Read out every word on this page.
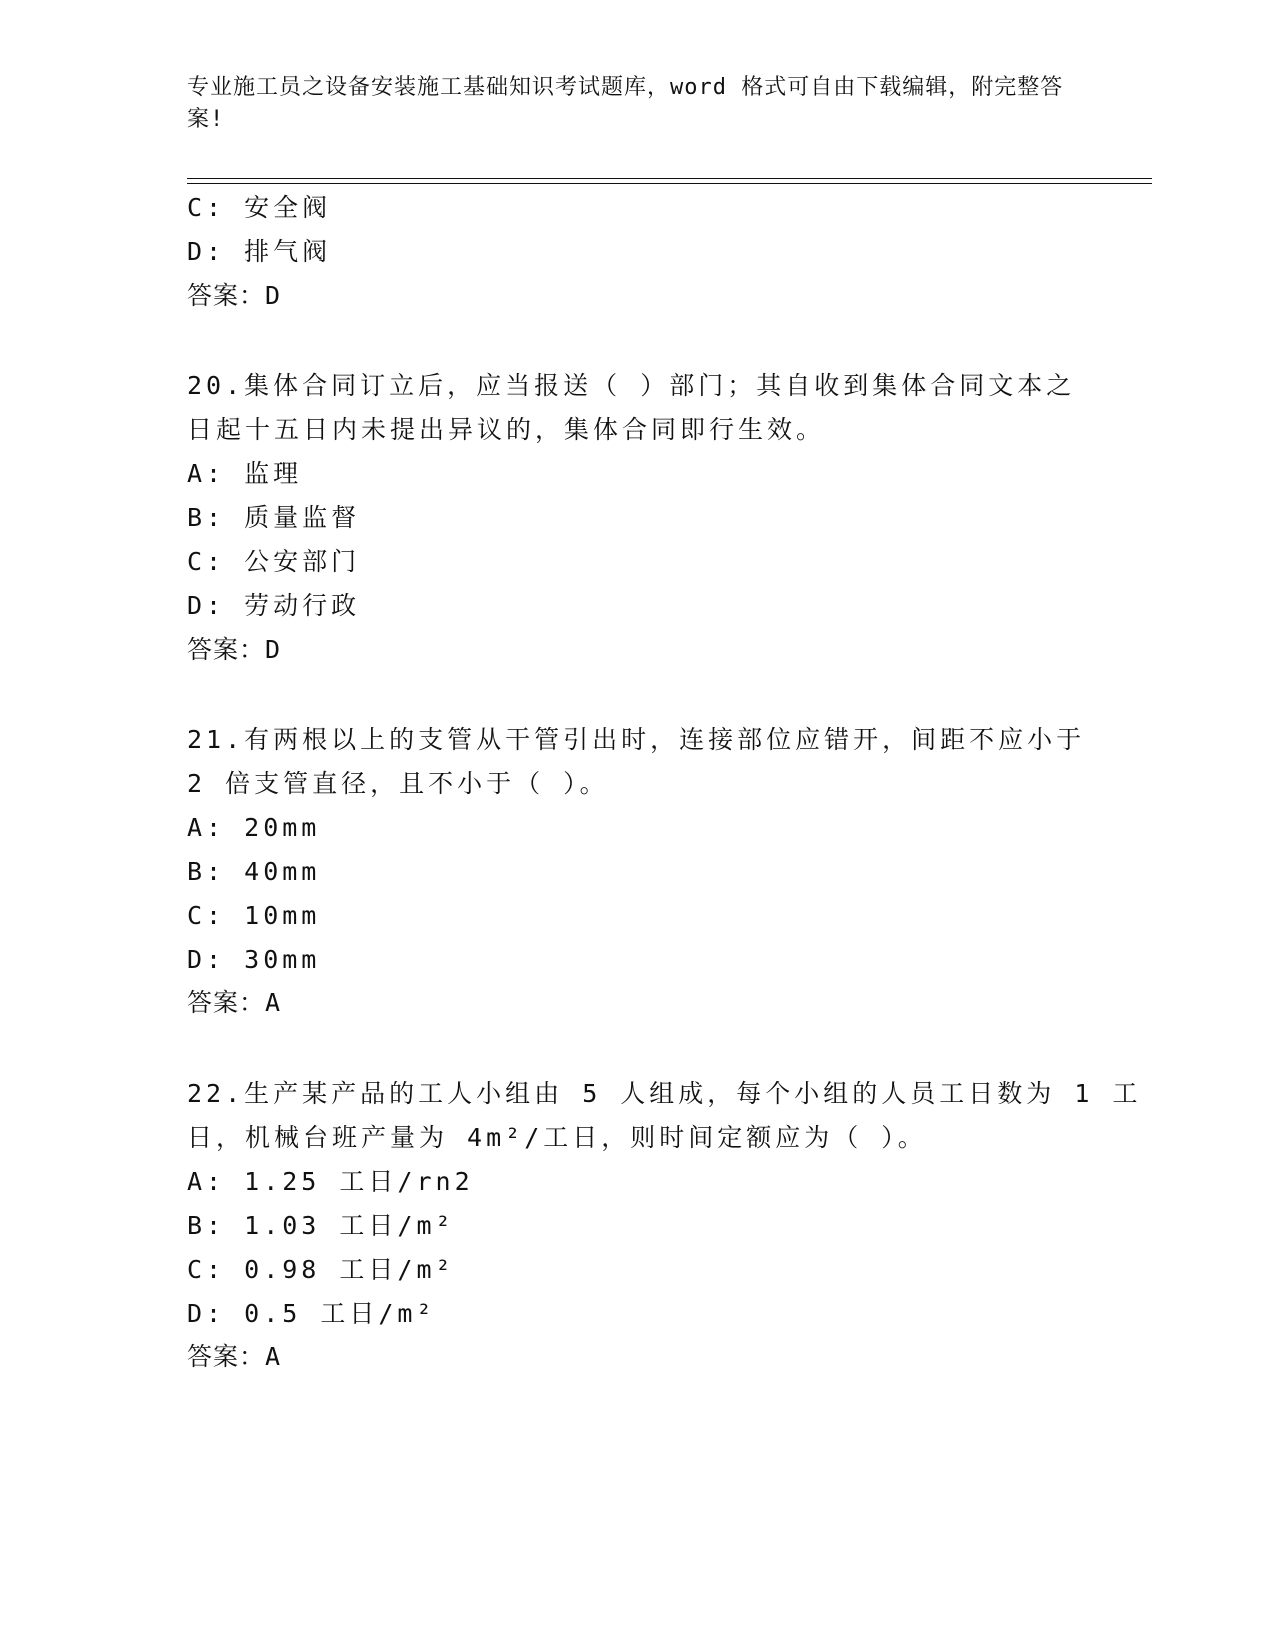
专业施工员之设备安装施工基础知识考试题库，word 格式可自由下载编辑，附完整答案!
C: 安全阀
D: 排气阀
答案：D
20.集体合同订立后，应当报送（ ）部门；其自收到集体合同文本之
日起十五日内未提出异议的，集体合同即行生效。
A: 监理
B: 质量监督
C: 公安部门
D: 劳动行政
答案：D
21.有两根以上的支管从干管引出时，连接部位应错开，间距不应小于
2 倍支管直径，且不小于（ ）。
A: 20mm
B: 40mm
C: 10mm
D: 30mm
答案：A
22.生产某产品的工人小组由 5 人组成，每个小组的人员工日数为 1 工
日，机械台班产量为 4m²/工日，则时间定额应为（ ）。
A: 1.25 工日/rn2
B: 1.03 工日/m²
C: 0.98 工日/m²
D: 0.5 工日/m²
答案：A
